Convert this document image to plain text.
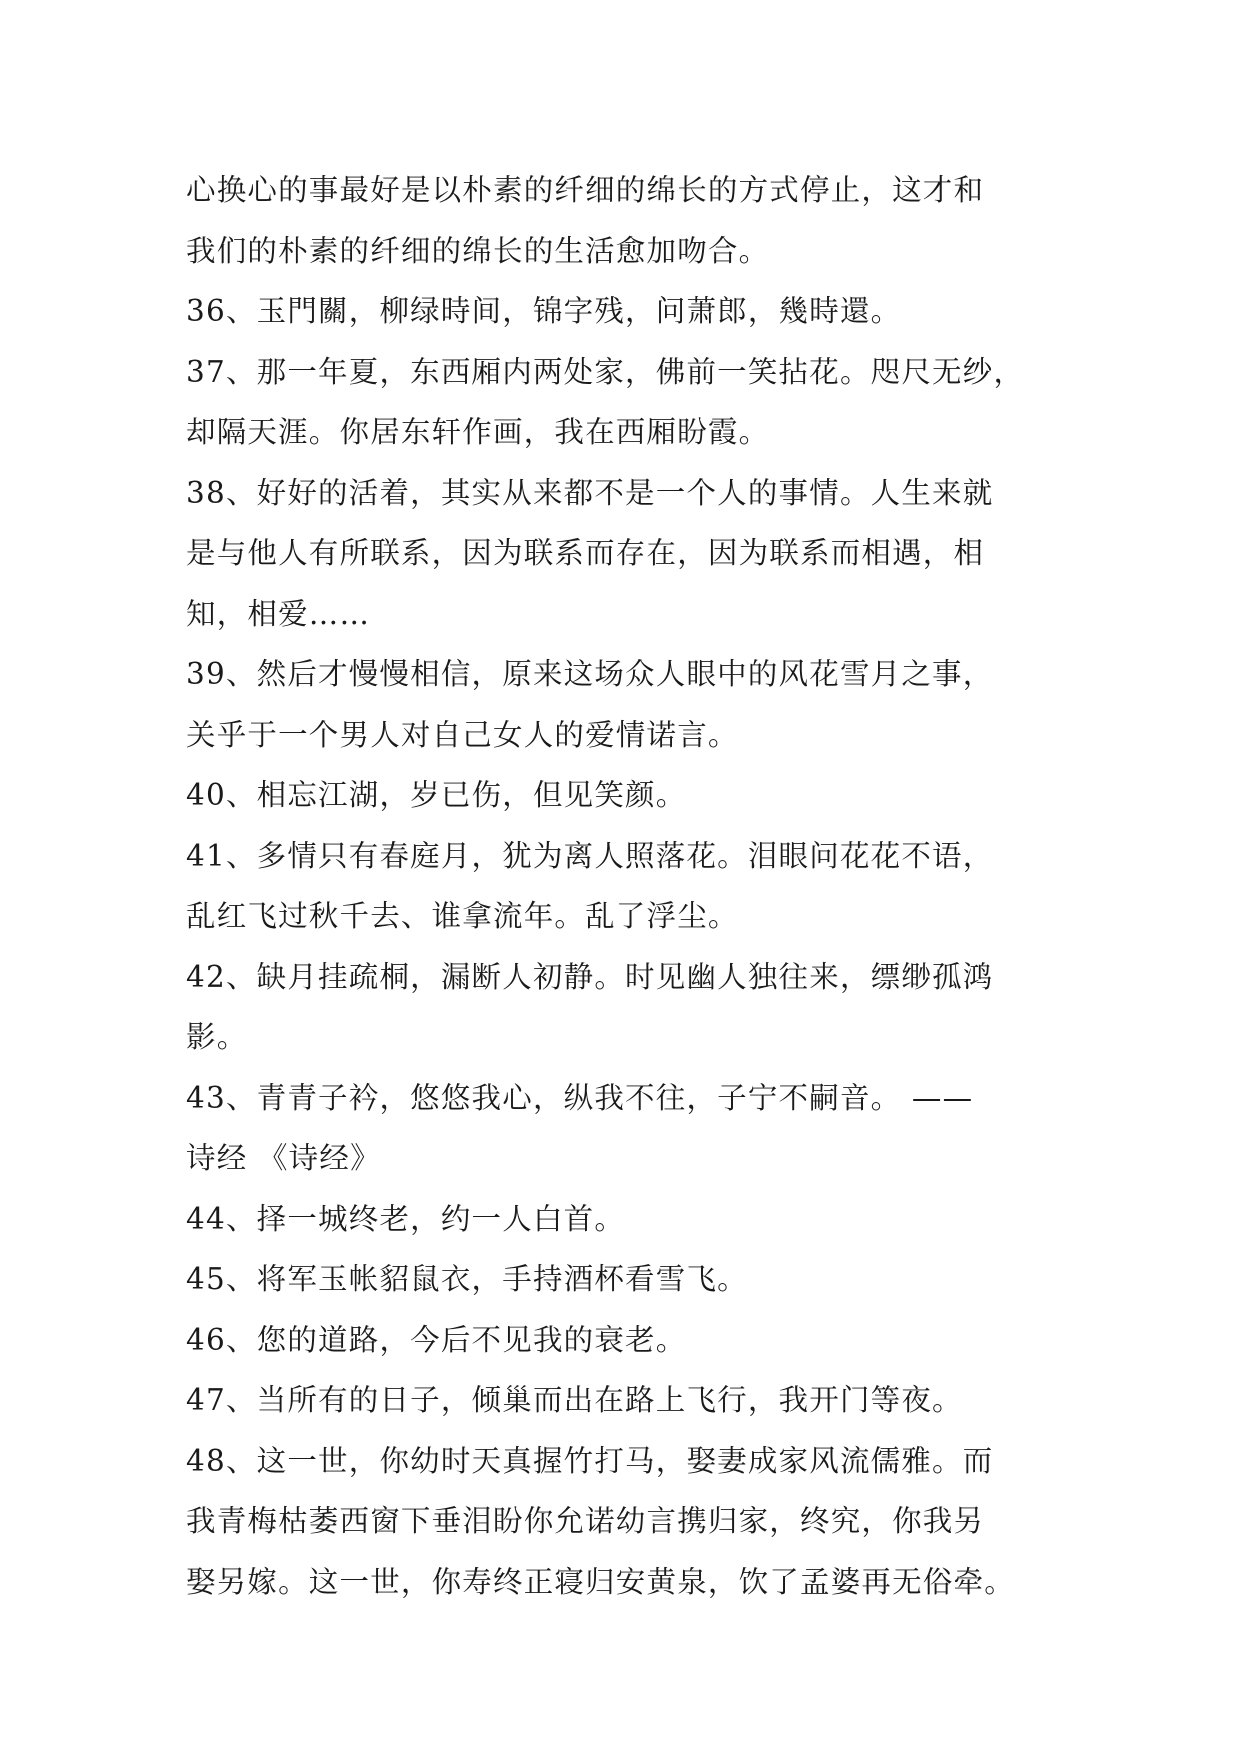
心换心的事最好是以朴素的纤细的绵长的方式停止，这才和
我们的朴素的纤细的绵长的生活愈加吻合。
36、玉門關，柳绿時间，锦字残，问萧郎，幾時還。
37、那一年夏，东西厢内两处家，佛前一笑拈花。咫尺无纱，
却隔天涯。你居东轩作画，我在西厢盼霞。
38、好好的活着，其实从来都不是一个人的事情。人生来就
是与他人有所联系，因为联系而存在，因为联系而相遇，相
知，相爱……
39、然后才慢慢相信，原来这场众人眼中的风花雪月之事，
关乎于一个男人对自己女人的爱情诺言。
40、相忘江湖，岁已伤，但见笑颜。
41、多情只有春庭月，犹为离人照落花。泪眼问花花不语，
乱红飞过秋千去、谁拿流年。乱了浮尘。
42、缺月挂疏桐，漏断人初静。时见幽人独往来，缥缈孤鸿
影。
43、青青子衿，悠悠我心，纵我不往，子宁不嗣音。 ——
诗经 《诗经》
44、择一城终老，约一人白首。
45、将军玉帐貂鼠衣，手持酒杯看雪飞。
46、您的道路，今后不见我的衰老。
47、当所有的日子，倾巢而出在路上飞行，我开门等夜。
48、这一世，你幼时天真握竹打马，娶妻成家风流儒雅。而
我青梅枯萎西窗下垂泪盼你允诺幼言携归家，终究，你我另
娶另嫁。这一世，你寿终正寝归安黄泉，饮了孟婆再无俗牵。
